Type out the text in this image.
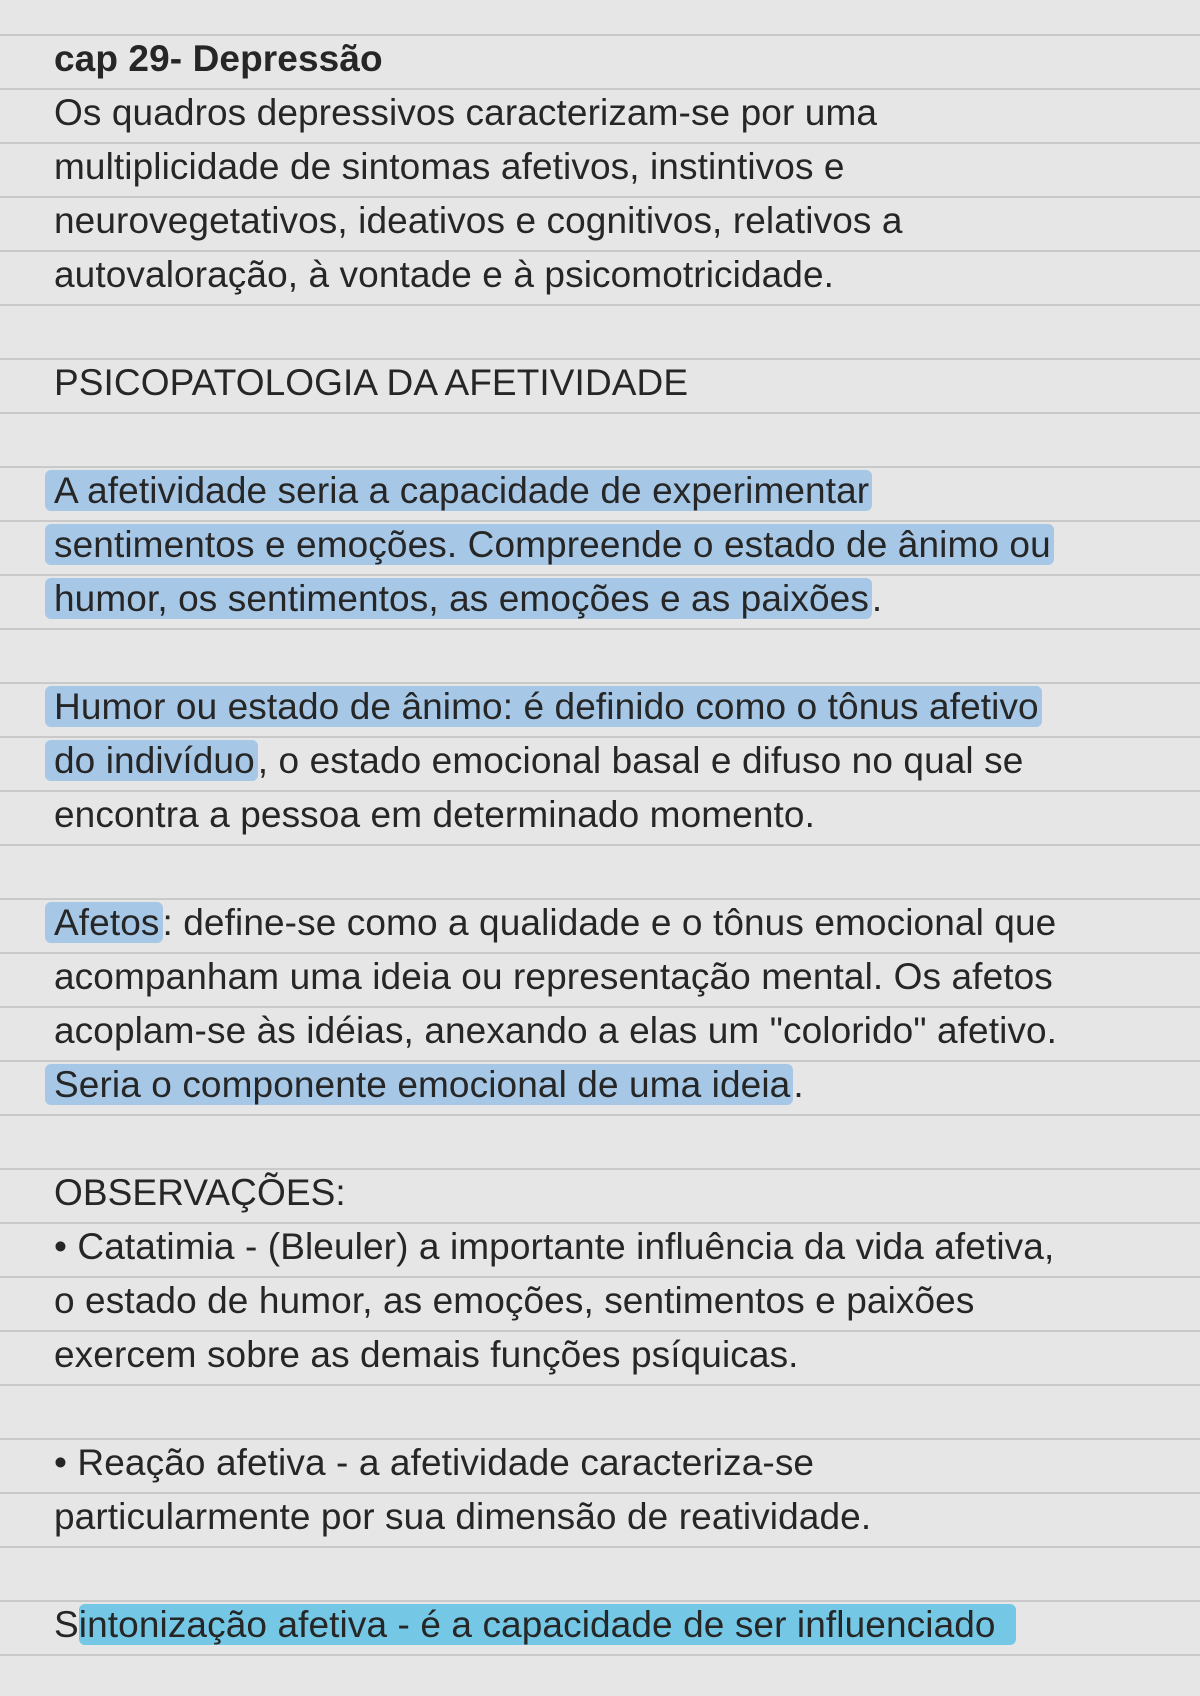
cap 29- Depressão
Os quadros depressivos caracterizam-se por uma
multiplicidade de sintomas afetivos, instintivos e
neurovegetativos, ideativos e cognitivos, relativos a
autovaloração, à vontade e à psicomotricidade.
PSICOPATOLOGIA DA AFETIVIDADE
A afetividade seria a capacidade de experimentar
sentimentos e emoções. Compreende o estado de ânimo ou
humor, os sentimentos, as emoções e as paixões.
Humor ou estado de ânimo: é definido como o tônus afetivo
do indivíduo, o estado emocional basal e difuso no qual se
encontra a pessoa em determinado momento.
Afetos: define-se como a qualidade e o tônus emocional que
acompanham uma ideia ou representação mental. Os afetos
acoplam-se às idéias, anexando a elas um "colorido" afetivo.
Seria o componente emocional de uma ideia.
OBSERVAÇÕES:
• Catatimia - (Bleuler) a importante influência da vida afetiva,
o estado de humor, as emoções, sentimentos e paixões
exercem sobre as demais funções psíquicas.
• Reação afetiva - a afetividade caracteriza-se
particularmente por sua dimensão de reatividade.
Sintonização afetiva - é a capacidade de ser influenciado
